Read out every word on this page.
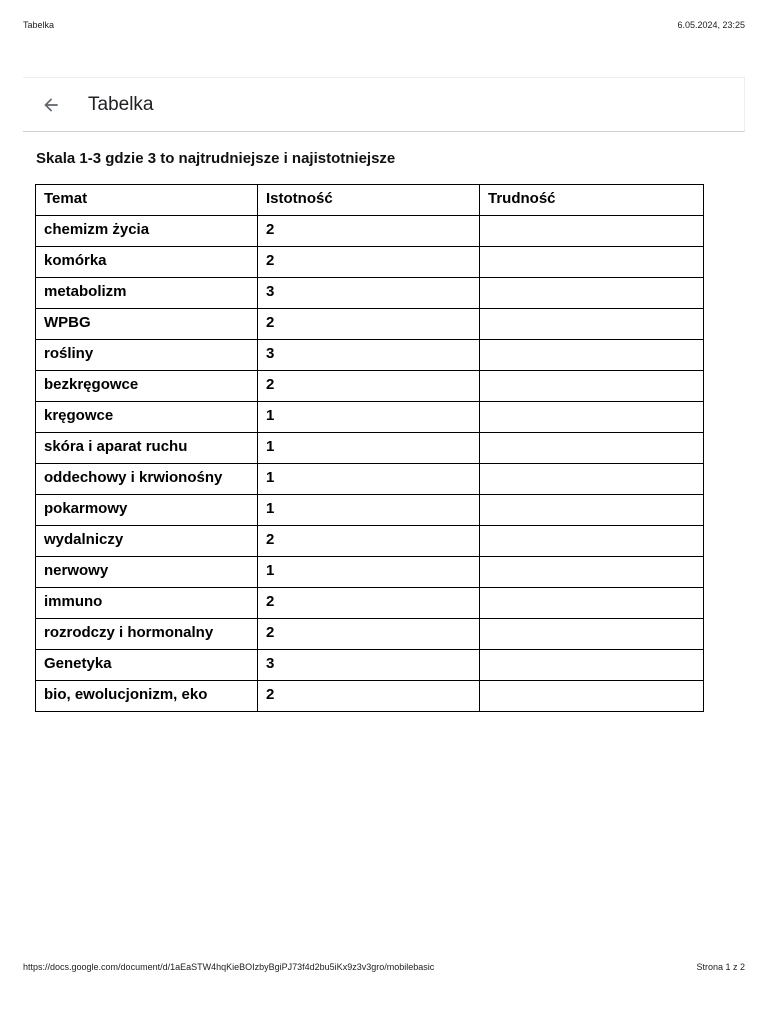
Tabelka	6.05.2024, 23:25
Tabelka
Skala 1-3 gdzie 3 to najtrudniejsze i najistotniejsze
Temat	Istotność	Trudność
chemizm życia	2	
komórka	2	
metabolizm	3	
WPBG	2	
rośliny	3	
bezkręgowce	2	
kręgowce	1	
skóra i aparat ruchu	1	
oddechowy i krwionośny	1	
pokarmowy	1	
wydalniczy	2	
nerwowy	1	
immuno	2	
rozrodczy i hormonalny	2	
Genetyka	3	
bio, ewolucjonizm, eko	2	
https://docs.google.com/document/d/1aEaSTW4hqKieBOIzbyBgiPJ73f4d2bu5iKx9z3v3gro/mobilebasic	Strona 1 z 2
